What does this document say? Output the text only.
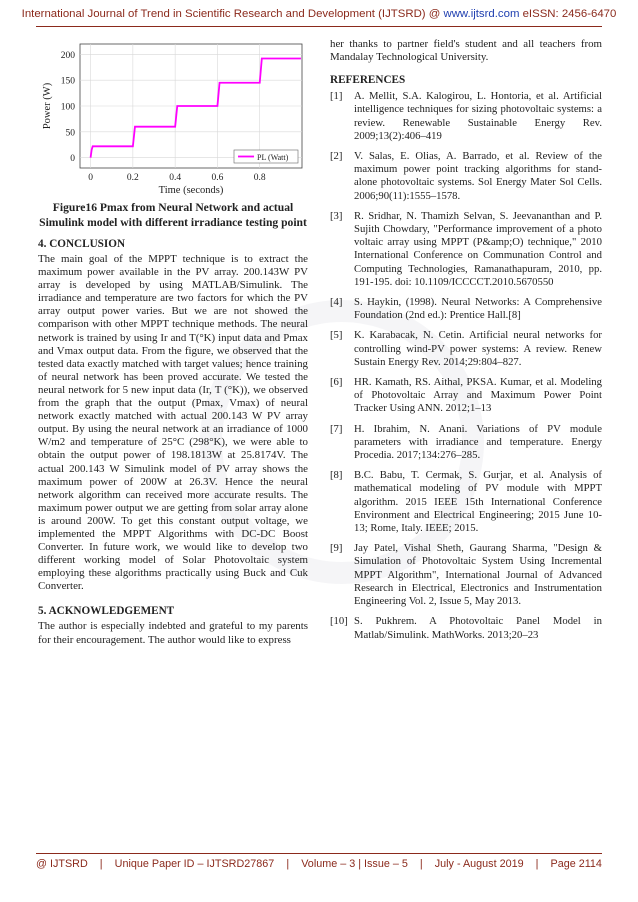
International Journal of Trend in Scientific Research and Development (IJTSRD) @ www.ijtsrd.com eISSN: 2456-6470
0
50
100
150
200
0	0.2	0.4	0.6	0.8
Time (seconds)
Power (W)
PL (Watt)
Figure16 Pmax from Neural Network and actual Simulink model with different irradiance testing point
4. CONCLUSION

The main goal of the MPPT technique is to extract the maximum power available in the PV array. 200.143W PV array is developed by using MATLAB/Simulink. The irradiance and temperature are two factors for which the PV array output power varies. But we are not showed the comparison with other MPPT technique methods. The neural network is trained by using Ir and T(°K) input data and Pmax and Vmax output data. From the figure, we observed that the tested data exactly matched with target values; hence training of neural network has been proved accurate. We tested the neural network for 5 new input data (Ir, T (°K)), we observed from the graph that the output (Pmax, Vmax) of neural network exactly matched with actual 200.143 W PV array output. By using the neural network at an irradiance of 1000 W/m2 and temperature of 25°C (298°K), we were able to obtain the output power of 198.1813W at 25.8174V. The actual 200.143 W Simulink model of PV array shows the maximum power of 200W at 26.3V. Hence the neural network algorithm can received more accurate results. The maximum power output we are getting from solar array alone is around 200W. To get this constant output voltage, we implemented the MPPT Algorithms with DC-DC Boost Converter. In future work, we would like to develop two different working model of Solar Photovoltaic system employing these algorithms practically using Buck and Cuk Converter.

5. ACKNOWLEDGEMENT

The author is especially indebted and grateful to my parents for their encouragement. The author would like to express

her thanks to partner field's student and all teachers from Mandalay Technological University.

REFERENCES
[1]	A. Mellit, S.A. Kalogirou, L. Hontoria, et al. Artificial intelligence techniques for sizing photovoltaic systems: a review. Renewable Sustainable Energy Rev. 2009;13(2):406–419
[2]	V. Salas, E. Olias, A. Barrado, et al. Review of the maximum power point tracking algorithms for stand-alone photovoltaic systems. Sol Energy Mater Sol Cells. 2006;90(11):1555–1578.
[3]	R. Sridhar, N. Thamizh Selvan, S. Jeevananthan and P. Sujith Chowdary, "Performance improvement of a photo voltaic array using MPPT (P&amp;O) technique," 2010 International Conference on Communation Control and Computing Technologies, Ramanathapuram, 2010, pp. 191-195. doi: 10.1109/ICCCCT.2010.5670550
[4]	S. Haykin, (1998). Neural Networks: A Comprehensive Foundation (2nd ed.): Prentice Hall.[8]
[5]	K. Karabacak, N. Cetin. Artificial neural networks for controlling wind-PV power systems: A review. Renew Sustain Energy Rev. 2014;29:804–827.
[6]	HR. Kamath, RS. Aithal, PKSA. Kumar, et al. Modeling of Photovoltaic Array and Maximum Power Point Tracker Using ANN. 2012;1–13
[7]	H. Ibrahim, N. Anani. Variations of PV module parameters with irradiance and temperature. Energy Procedia. 2017;134:276–285.
[8]	B.C. Babu, T. Cermak, S. Gurjar, et al. Analysis of mathematical modeling of PV module with MPPT algorithm. 2015 IEEE 15th International Conference Environment and Electrical Engineering; 2015 June 10-13; Rome, Italy. IEEE; 2015.
[9]	Jay Patel, Vishal Sheth, Gaurang Sharma, "Design & Simulation of Photovoltaic System Using Incremental MPPT Algorithm", International Journal of Advanced Research in Electrical, Electronics and Instrumentation Engineering Vol. 2, Issue 5, May 2013.
[10] S. Pukhrem. A Photovoltaic Panel Model in Matlab/Simulink. MathWorks. 2013;20–23
@ IJTSRD | Unique Paper ID – IJTSRD27867 | Volume – 3 | Issue – 5 | July - August 2019 | Page 2114
